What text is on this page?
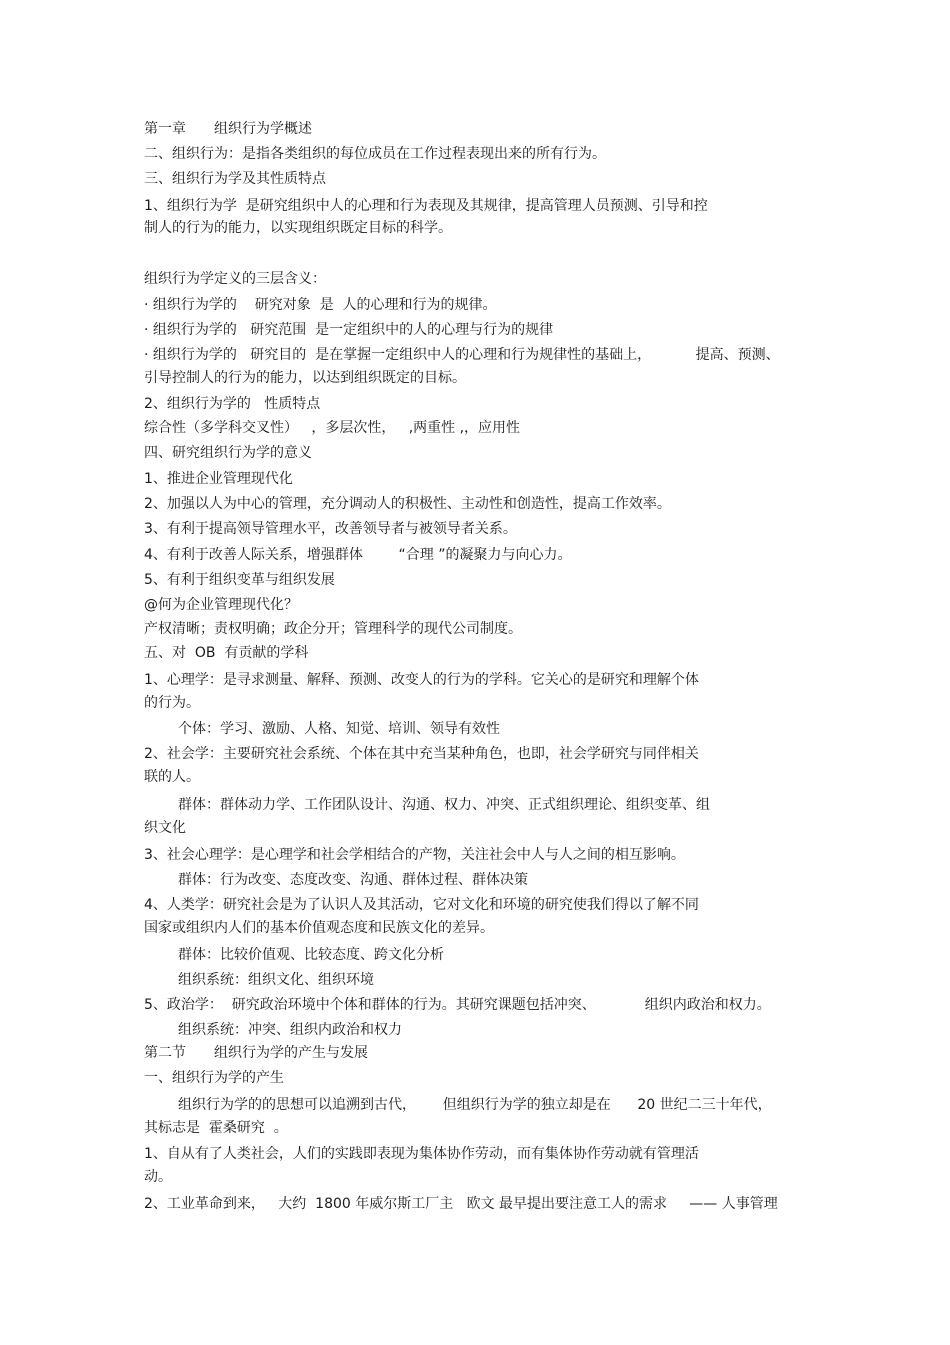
第一章　　组织行为学概述
二、组织行为：是指各类组织的每位成员在工作过程表现出来的所有行为。
三、组织行为学及其性质特点
1、组织行为学  是研究组织中人的心理和行为表现及其规律，提高管理人员预测、引导和控
制人的行为的能力，以实现组织既定目标的科学。
组织行为学定义的三层含义：
· 组织行为学的    研究对象  是  人的心理和行为的规律。
· 组织行为学的   研究范围  是一定组织中的人的心理与行为的规律
· 组织行为学的   研究目的  是在掌握一定组织中人的心理和行为规律性的基础上，          提高、预测、
引导控制人的行为的能力，以达到组织既定的目标。
2、组织行为学的   性质特点
综合性（多学科交叉性）   ，多层次性，   ,两重性 ,，应用性
四、研究组织行为学的意义
1、推进企业管理现代化
2、加强以人为中心的管理，充分调动人的积极性、主动性和创造性，提高工作效率。
3、有利于提高领导管理水平，改善领导者与被领导者关系。
4、有利于改善人际关系，增强群体        “合理 ”的凝聚力与向心力。
5、有利于组织变革与组织发展
@何为企业管理现代化？
产权清晰；责权明确；政企分开；管理科学的现代公司制度。
五、对  OB  有贡献的学科
1、心理学：是寻求测量、解释、预测、改变人的行为的学科。它关心的是研究和理解个体
的行为。
个体：学习、激励、人格、知觉、培训、领导有效性
2、社会学：主要研究社会系统、个体在其中充当某种角色，也即，社会学研究与同伴相关
联的人。
群体：群体动力学、工作团队设计、沟通、权力、冲突、正式组织理论、组织变革、组
织文化
3、社会心理学：是心理学和社会学相结合的产物，关注社会中人与人之间的相互影响。
群体：行为改变、态度改变、沟通、群体过程、群体决策
4、人类学：研究社会是为了认识人及其活动，它对文化和环境的研究使我们得以了解不同
国家或组织内人们的基本价值观态度和民族文化的差异。
群体：比较价值观、比较态度、跨文化分析
组织系统：组织文化、组织环境
5、政治学：  研究政治环境中个体和群体的行为。其研究课题包括冲突、           组织内政治和权力。
组织系统：冲突、组织内政治和权力
第二节　　组织行为学的产生与发展
一、组织行为学的产生
组织行为学的的思想可以追溯到古代，      但组织行为学的独立却是在      20 世纪二三十年代，
其标志是  霍桑研究  。
1、自从有了人类社会，人们的实践即表现为集体协作劳动，而有集体协作劳动就有管理活
动。
2、工业革命到来，   大约  1800 年威尔斯工厂主   欧文 最早提出要注意工人的需求     —— 人事管理
